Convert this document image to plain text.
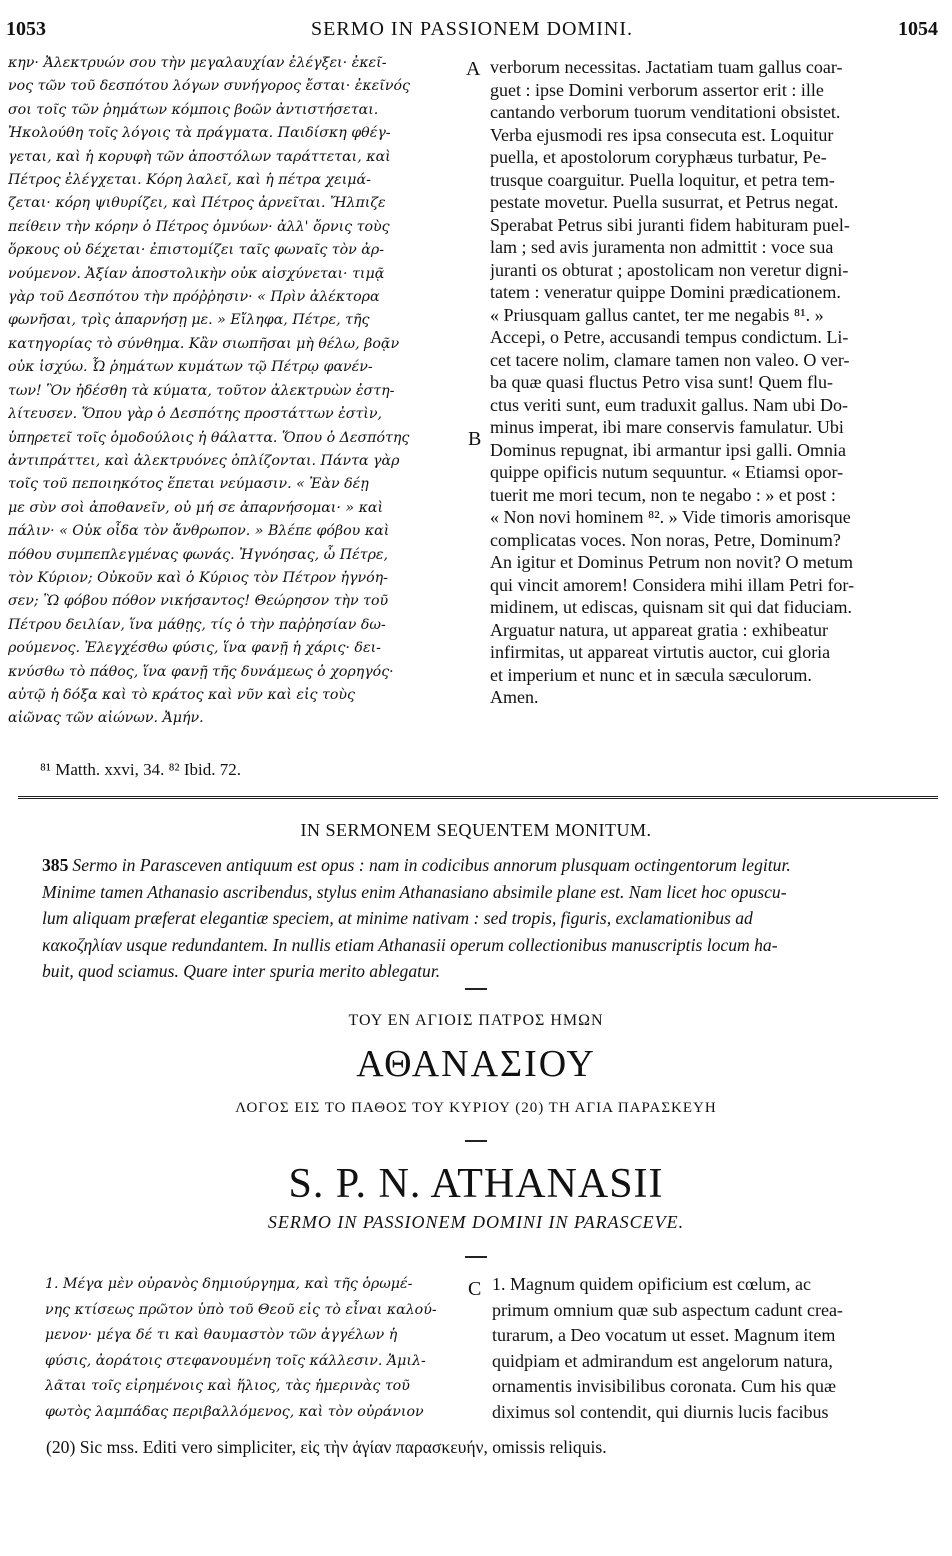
1053	SERMO IN PASSIONEM DOMINI.	1054
κην· Ἀλεκτρυών σου τὴν μεγαλαυχίαν ἐλέγξει· ἐκεῖ-
νος τῶν τοῦ δεσπότου λόγων συνήγορος ἔσται· ἐκεῖνός
σοι τοῖς τῶν ῥημάτων κόμποις βοῶν ἀντιστήσεται.
Ἠκολούθη τοῖς λόγοις τὰ πράγματα. Παιδίσκη φθέγ-
γεται, καὶ ἡ κορυφὴ τῶν ἀποστόλων ταράττεται, καὶ
Πέτρος ἐλέγχεται. Κόρη λαλεῖ, καὶ ἡ πέτρα χειμά-
ζεται· κόρη ψιθυρίζει, καὶ Πέτρος ἀρνεῖται. Ἤλπιζε
πείθειν τὴν κόρην ὁ Πέτρος ὀμνύων· ἀλλ' ὄρνις τοὺς
ὅρκους οὐ δέχεται· ἐπιστομίζει ταῖς φωναῖς τὸν ἀρ-
νούμενον. Ἀξίαν ἀποστολικὴν οὐκ αἰσχύνεται· τιμᾷ
γὰρ τοῦ Δεσπότου τὴν πρόῤῥησιν· « Πρὶν ἀλέκτορα
φωνῆσαι, τρὶς ἀπαρνήσῃ με. » Εἴληφα, Πέτρε, τῆς
κατηγορίας τὸ σύνθημα. Κἂν σιωπῆσαι μὴ θέλω, βοᾷν
οὐκ ἰσχύω. Ὦ ῥημάτων κυμάτων τῷ Πέτρῳ φανέν-
των! Ὃν ἠδέσθη τὰ κύματα, τοῦτον ἀλεκτρυὼν ἐστη-
λίτευσεν. Ὅπου γὰρ ὁ Δεσπότης προστάττων ἐστὶν,
ὑπηρετεῖ τοῖς ὁμοδούλοις ἡ θάλαττα. Ὅπου ὁ Δεσπότης
ἀντιπράττει, καὶ ἀλεκτρυόνες ὁπλίζονται. Πάντα γὰρ
τοῖς τοῦ πεποιηκότος ἕπεται νεύμασιν. « Ἐὰν δέῃ
με σὺν σοὶ ἀποθανεῖν, οὐ μή σε ἀπαρνήσομαι· » καὶ
πάλιν· « Οὐκ οἶδα τὸν ἄνθρωπον. » Βλέπε φόβου καὶ
πόθου συμπεπλεγμένας φωνάς. Ἠγνόησας, ὦ Πέτρε,
τὸν Κύριον; Οὐκοῦν καὶ ὁ Κύριος τὸν Πέτρον ἠγνόη-
σεν; Ὢ φόβου πόθον νικήσαντος! Θεώρησον τὴν τοῦ
Πέτρου δειλίαν, ἵνα μάθῃς, τίς ὁ τὴν παῤῥησίαν δω-
ρούμενος. Ἐλεγχέσθω φύσις, ἵνα φανῇ ἡ χάρις· δει-
κνύσθω τὸ πάθος, ἵνα φανῇ τῆς δυνάμεως ὁ χορηγός·
αὐτῷ ἡ δόξα καὶ τὸ κράτος καὶ νῦν καὶ εἰς τοὺς
αἰῶνας τῶν αἰώνων. Ἀμήν.
verborum necessitas. Jactatiam tuam gallus coar-
guet : ipse Domini verborum assertor erit : ille
cantando verborum tuorum venditationi obsistet.
Verba ejusmodi res ipsa consecuta est. Loquitur
puella, et apostolorum coryphæus turbatur, Pe-
trusque coarguitur. Puella loquitur, et petra tem-
pestate movetur. Puella susurrat, et Petrus negat.
Sperabat Petrus sibi juranti fidem habituram puel-
lam ; sed avis juramenta non admittit : voce sua
juranti os obturat ; apostolicam non veretur digni-
tatem : veneratur quippe Domini prædicationem.
« Priusquam gallus cantet, ter me negabis ⁸¹. »
Accepi, o Petre, accusandi tempus condictum. Li-
cet tacere nolim, clamare tamen non valeo. O ver-
ba quæ quasi fluctus Petro visa sunt! Quem flu-
ctus veriti sunt, eum traduxit gallus. Nam ubi Do-
minus imperat, ibi mare conservis famulatur. Ubi
Dominus repugnat, ibi armantur ipsi galli. Omnia
quippe opificis nutum sequuntur. « Etiamsi opor-
tuerit me mori tecum, non te negabo : » et post :
« Non novi hominem ⁸². » Vide timoris amorisque
complicatas voces. Non noras, Petre, Dominum?
An igitur et Dominus Petrum non novit? O metum
qui vincit amorem! Considera mihi illam Petri for-
midinem, ut ediscas, quisnam sit qui dat fiduciam.
Arguatur natura, ut appareat gratia : exhibeatur
infirmitas, ut appareat virtutis auctor, cui gloria
et imperium et nunc et in sæcula sæculorum.
Amen.
A
B
⁸¹ Matth. xxvi, 34. ⁸² Ibid. 72.
IN SERMONEM SEQUENTEM MONITUM.
385 Sermo in Parasceven antiquum est opus : nam in codicibus annorum plusquam octingentorum legitur.
Minime tamen Athanasio ascribendus, stylus enim Athanasiano absimile plane est. Nam licet hoc opuscu-
lum aliquam præferat elegantiæ speciem, at minime nativam : sed tropis, figuris, exclamationibus ad
κακοζηλίαν usque redundantem. In nullis etiam Athanasii operum collectionibus manuscriptis locum ha-
buit, quod sciamus. Quare inter spuria merito ablegatur.
ΤΟΥ ΕΝ ΑΓΙΟΙΣ ΠΑΤΡΟΣ ΗΜΩΝ
ΑΘΑΝΑΣΙΟΥ
ΛΟΓΟΣ ΕΙΣ ΤΟ ΠΑΘΟΣ ΤΟΥ ΚΥΡΙΟΥ (20) ΤΗ ΑΓΙΑ ΠΑΡΑΣΚΕΥΗ
S. P. N. ATHANASII
SERMO IN PASSIONEM DOMINI IN PARASCEVE.
1. Μέγα μὲν οὐρανὸς δημιούργημα, καὶ τῆς ὁρωμέ-
νης κτίσεως πρῶτον ὑπὸ τοῦ Θεοῦ εἰς τὸ εἶναι καλού-
μενον· μέγα δέ τι καὶ θαυμαστὸν τῶν ἀγγέλων ἡ
φύσις, ἀοράτοις στεφανουμένη τοῖς κάλλεσιν. Ἁμιλ-
λᾶται τοῖς εἰρημένοις καὶ ἥλιος, τὰς ἡμερινὰς τοῦ
φωτὸς λαμπάδας περιβαλλόμενος, καὶ τὸν οὐράνιον
C 1. Magnum quidem opificium est cœlum, ac
primum omnium quæ sub aspectum cadunt crea-
turarum, a Deo vocatum ut esset. Magnum item
quidpiam et admirandum est angelorum natura,
ornamentis invisibilibus coronata. Cum his quæ
diximus sol contendit, qui diurnis lucis facibus
(20) Sic mss. Editi vero simpliciter, εἰς τὴν ἁγίαν παρασκευήν, omissis reliquis.
